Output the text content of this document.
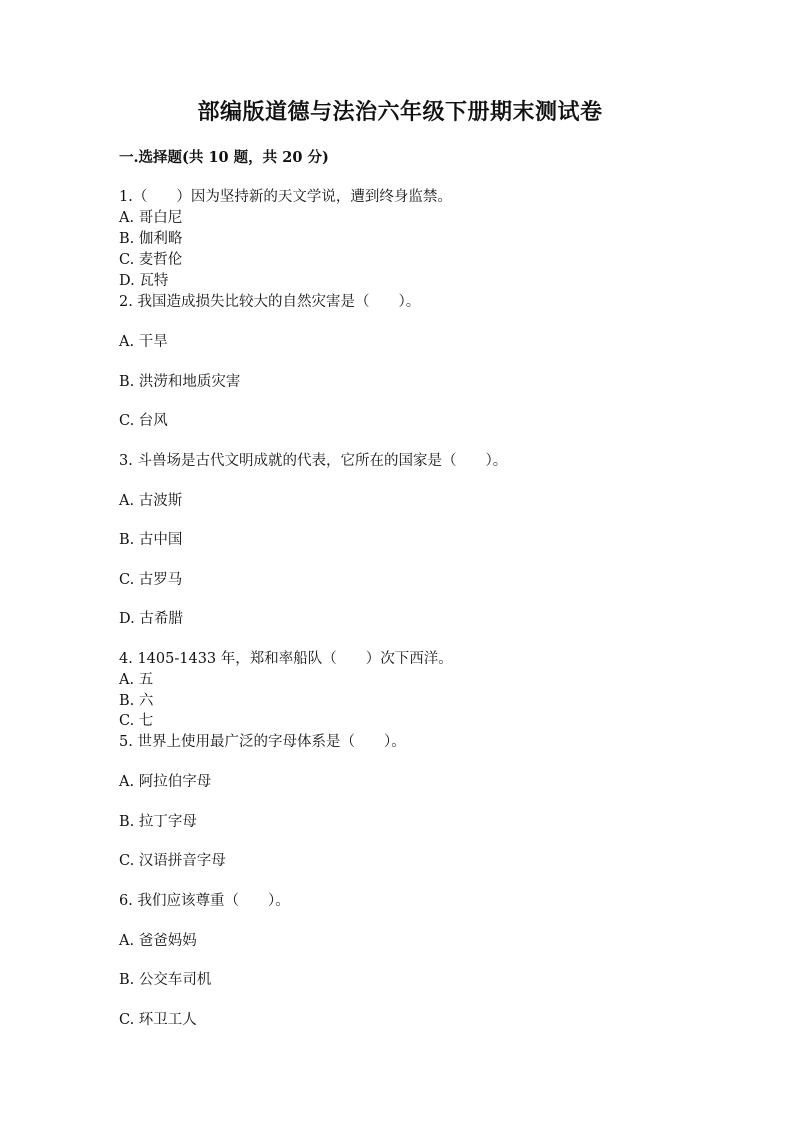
部编版道德与法治六年级下册期末测试卷
一.选择题(共 10 题，共 20 分)
1.（　　）因为坚持新的天文学说，遭到终身监禁。
A. 哥白尼
B. 伽利略
C. 麦哲伦
D. 瓦特
2. 我国造成损失比较大的自然灾害是（　　）。
A. 干旱
B. 洪涝和地质灾害
C. 台风
3. 斗兽场是古代文明成就的代表，它所在的国家是（　　）。
A. 古波斯
B. 古中国
C. 古罗马
D. 古希腊
4. 1405-1433 年，郑和率船队（　　）次下西洋。
A. 五
B. 六
C. 七
5. 世界上使用最广泛的字母体系是（　　）。
A. 阿拉伯字母
B. 拉丁字母
C. 汉语拼音字母
6. 我们应该尊重（　　）。
A. 爸爸妈妈
B. 公交车司机
C. 环卫工人
